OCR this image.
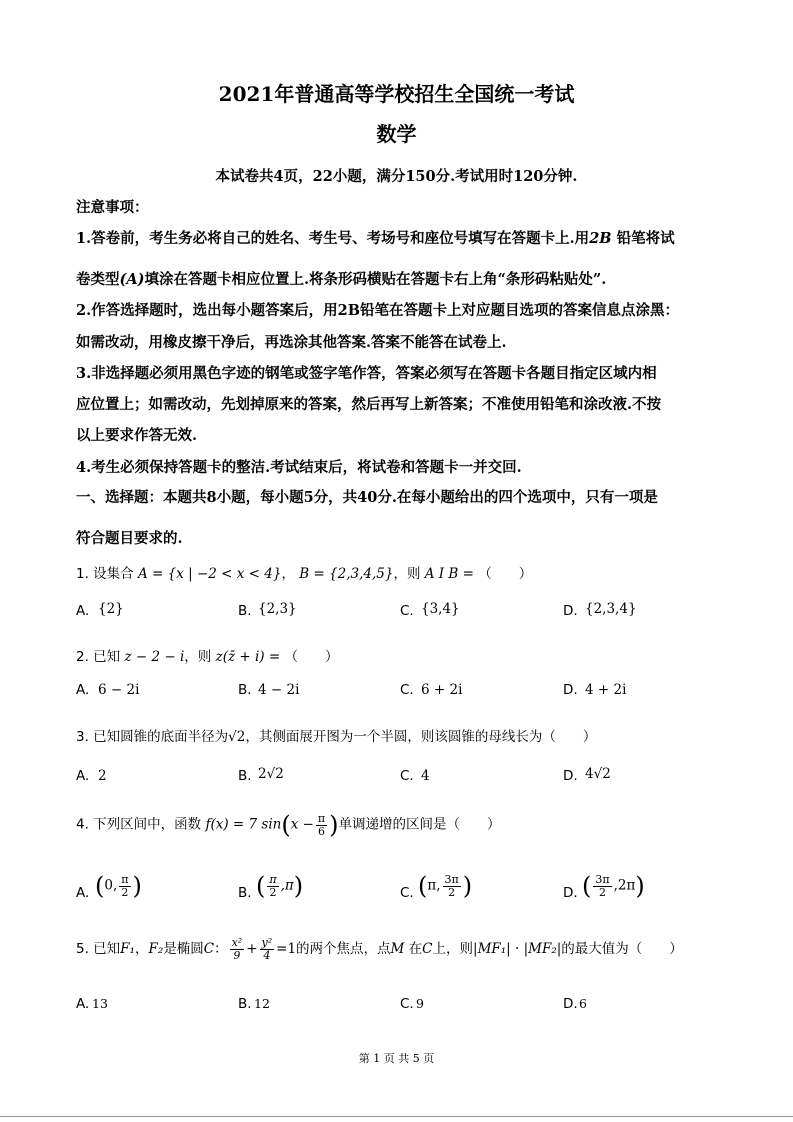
2021年普通高等学校招生全国统一考试
数学
本试卷共4页，22小题，满分150分.考试用时120分钟.
注意事项：
1.答卷前，考生务必将自己的姓名、考生号、考场号和座位号填写在答题卡上.用2B 铅笔将试
卷类型(A)填涂在答题卡相应位置上.将条形码横贴在答题卡右上角“条形码粘贴处”.
2.作答选择题时，选出每小题答案后，用2B铅笔在答题卡上对应题目选项的答案信息点涂黑：
如需改动，用橡皮擦干净后，再选涂其他答案.答案不能答在试卷上.
3.非选择题必须用黑色字迹的钢笔或签字笔作答，答案必须写在答题卡各题目指定区域内相
应位置上；如需改动，先划掉原来的答案，然后再写上新答案；不准使用铅笔和涂改液.不按
以上要求作答无效.
4.考生必须保持答题卡的整洁.考试结束后，将试卷和答题卡一并交回.
一、选择题：本题共8小题，每小题5分，共40分.在每小题给出的四个选项中，只有一项是
符合题目要求的.
1. 设集合 A = {x | −2 < x < 4}， B = {2,3,4,5}，则 A I B = （　　）
A. {2}	B. {2,3}	C. {3,4}	D. {2,3,4}
2. 已知 z − 2 − i，则 z(z̄ + i) = （　　）
A. 6 − 2i	B. 4 − 2i	C. 6 + 2i	D. 4 + 2i
3. 已知圆锥的底面半径为√2，其侧面展开图为一个半圆，则该圆锥的母线长为（　　）
A. 2	B. 2√2	C. 4	D. 4√2
4. 下列区间中，函数 f(x) = 7 $\sin(x - \frac{\pi}{6}$ )单调递增的区间是（　　）
A. (0, $\frac{\pi}{2}$ )	B. ( $\frac{\pi}{2} ,\pi$)	C. (π, $\frac{3\pi}{2}$ )	D. ( $\frac{3\pi}{2} ,2\pi$)
5. 已知F₁，F₂是椭圆C： $\frac{\text{x²}}{9} + \frac{\text{y²}}{4} =1$的两个焦点，点M 在C上，则|MF₁| · |MF₂|的最大值为（　　）
A. 13	B. 12	C. 9	D. 6
第 1 页 共 5 页
